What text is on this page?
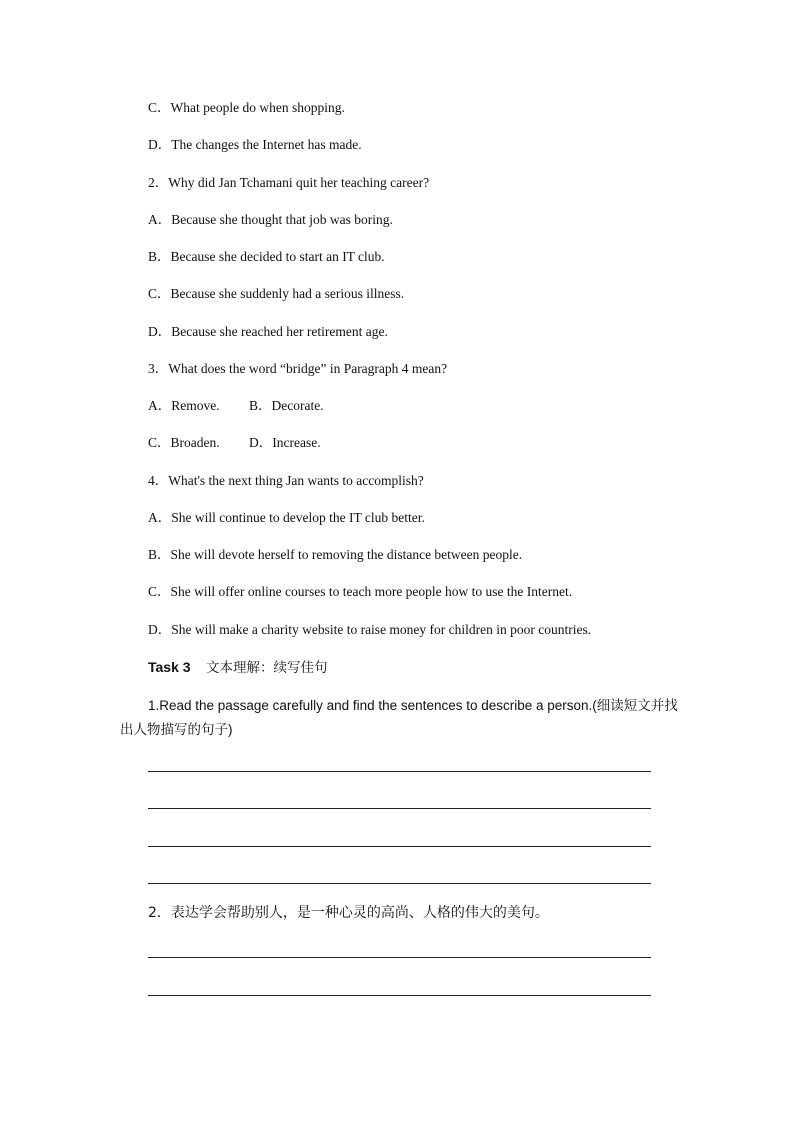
C．What people do when shopping.
D．The changes the Internet has made.
2．Why did Jan Tchamani quit her teaching career?
A．Because she thought that job was boring.
B．Because she decided to start an IT club.
C．Because she suddenly had a serious illness.
D．Because she reached her retirement age.
3．What does the word “bridge” in Paragraph 4 mean?
A．Remove. B．Decorate.
C．Broaden. D．Increase.
4．What's the next thing Jan wants to accomplish?
A．She will continue to develop the IT club better.
B．She will devote herself to removing the distance between people.
C．She will offer online courses to teach more people how to use the Internet.
D．She will make a charity website to raise money for children in poor countries.
Task 3 文本理解：续写佳句
1.Read the passage carefully and find the sentences to describe a person.(细读短文并找出人物描写的句子)
2．表达学会帮助别人，是一种心灵的高尚、人格的伟大的美句。
